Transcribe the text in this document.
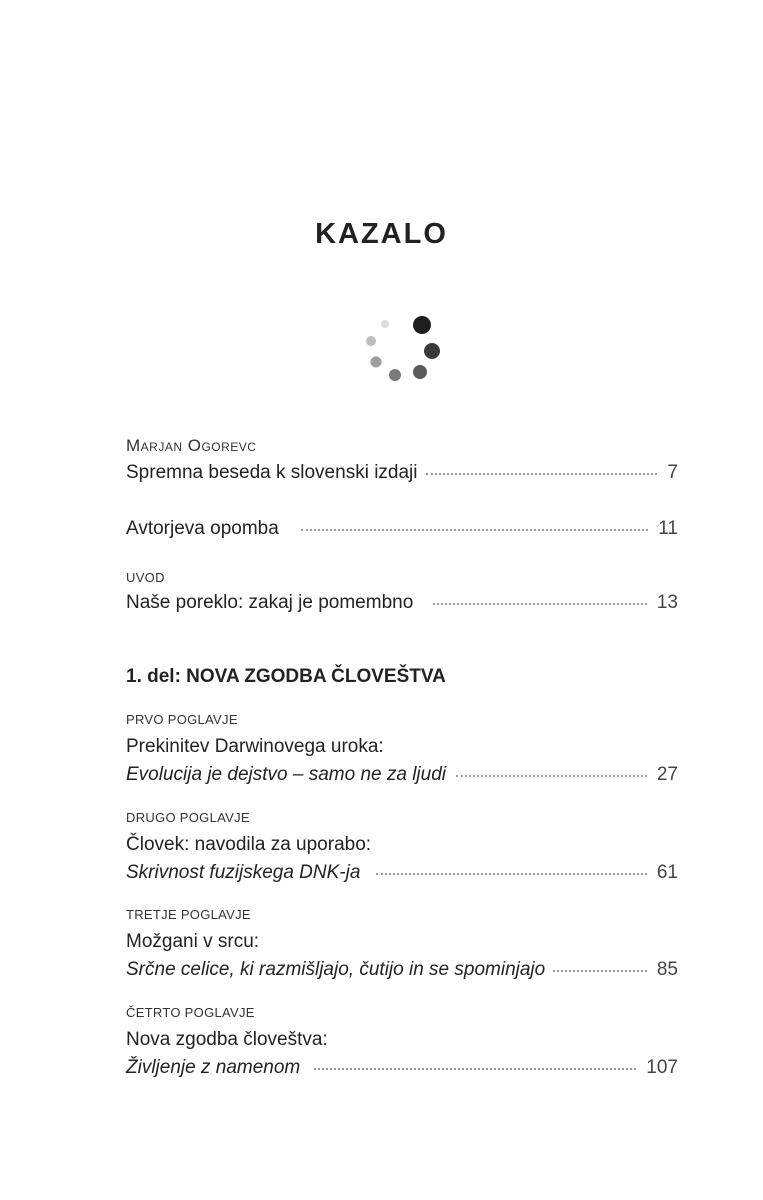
KAZALO
Marjan Ogorevc
Spremna beseda k slovenski izdaji	7
Avtorjeva opomba	11
UVOD
Naše poreklo: zakaj je pomembno	13
1. del: NOVA ZGODBA ČLOVEŠTVA
PRVO POGLAVJE
Prekinitev Darwinovega uroka:
Evolucija je dejstvo – samo ne za ljudi	27
DRUGO POGLAVJE
Človek: navodila za uporabo:
Skrivnost fuzijskega DNK-ja	61
TRETJE POGLAVJE
Možgani v srcu:
Srčne celice, ki razmišljajo, čutijo in se spominjajo	85
ČETRTO POGLAVJE
Nova zgodba človeštva:
Življenje z namenom	107
